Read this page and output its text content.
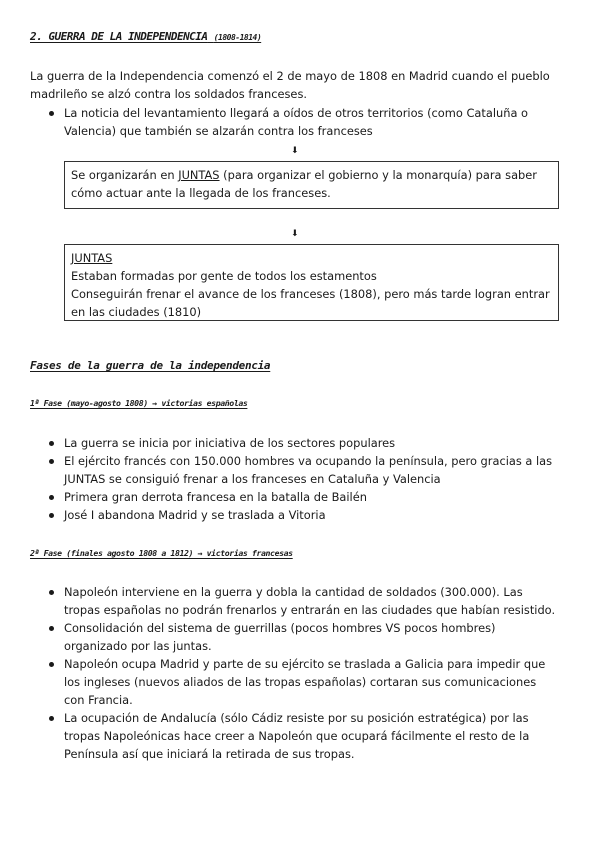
2. GUERRA DE LA INDEPENDENCIA (1808-1814)
La guerra de la Independencia comenzó el 2 de mayo de 1808 en Madrid cuando el pueblo madrileño se alzó contra los soldados franceses.
La noticia del levantamiento llegará a oídos de otros territorios (como Cataluña o Valencia) que también se alzarán contra los franceses
⬇
Se organizarán en JUNTAS (para organizar el gobierno y la monarquía) para saber cómo actuar ante la llegada de los franceses.
⬇
JUNTAS
Estaban formadas por gente de todos los estamentos
Conseguirán frenar el avance de los franceses (1808), pero más tarde logran entrar en las ciudades (1810)
Fases de la guerra de la independencia
1ª Fase (mayo-agosto 1808) → victorias españolas
La guerra se inicia por iniciativa de los sectores populares
El ejército francés con 150.000 hombres va ocupando la península, pero gracias a las JUNTAS se consiguió frenar a los franceses en Cataluña y Valencia
Primera gran derrota francesa en la batalla de Bailén
José I abandona Madrid y se traslada a Vitoria
2ª Fase (finales agosto 1808 a 1812) → victorias francesas
Napoleón interviene en la guerra y dobla la cantidad de soldados (300.000). Las tropas españolas no podrán frenarlos y entrarán en las ciudades que habían resistido.
Consolidación del sistema de guerrillas (pocos hombres VS pocos hombres) organizado por las juntas.
Napoleón ocupa Madrid y parte de su ejército se traslada a Galicia para impedir que los ingleses (nuevos aliados de las tropas españolas) cortaran sus comunicaciones con Francia.
La ocupación de Andalucía (sólo Cádiz resiste por su posición estratégica) por las tropas Napoleónicas hace creer a Napoleón que ocupará fácilmente el resto de la Península así que iniciará la retirada de sus tropas.
